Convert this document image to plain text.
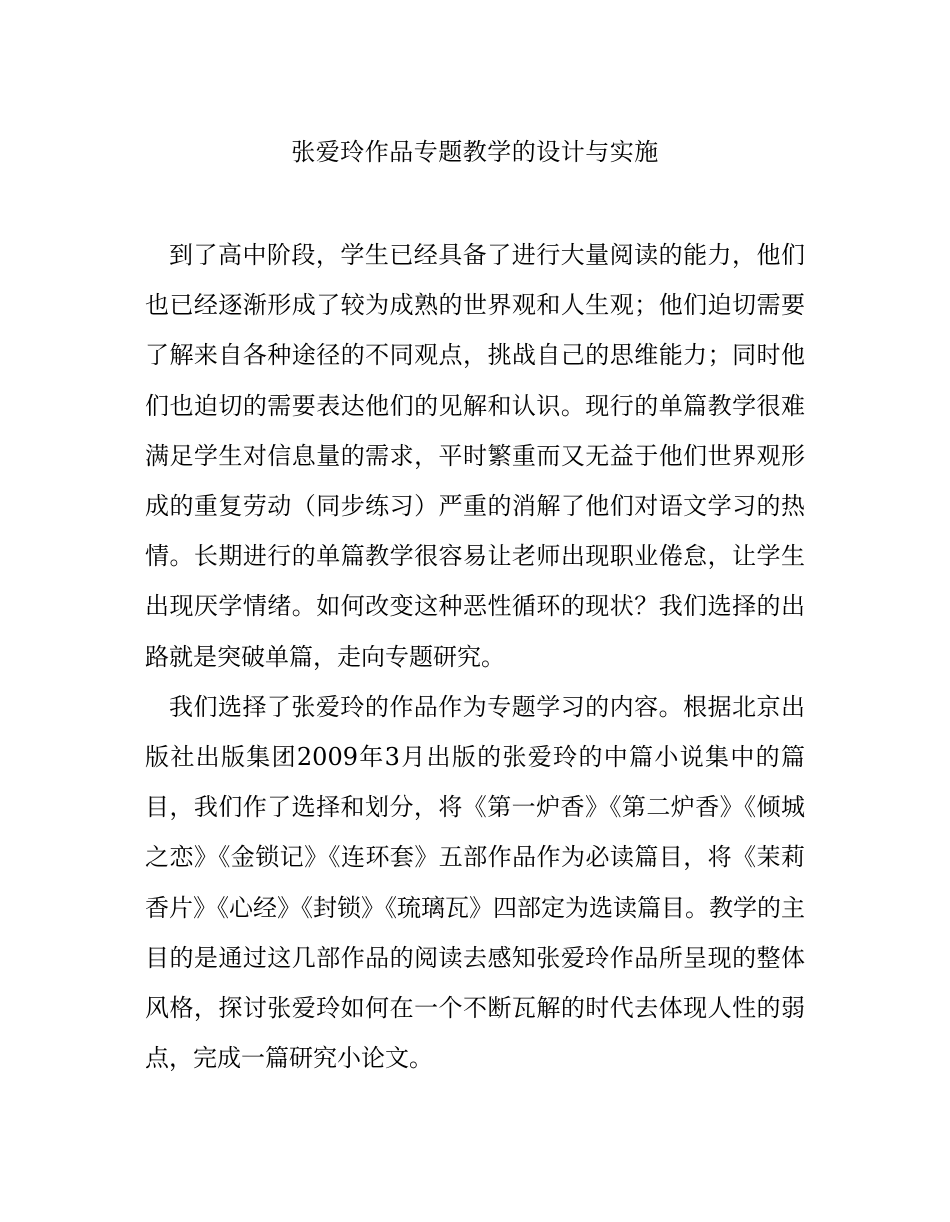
张爱玲作品专题教学的设计与实施

到了高中阶段，学生已经具备了进行大量阅读的能力，他们也已经逐渐形成了较为成熟的世界观和人生观；他们迫切需要了解来自各种途径的不同观点，挑战自己的思维能力；同时他们也迫切的需要表达他们的见解和认识。现行的单篇教学很难满足学生对信息量的需求，平时繁重而又无益于他们世界观形成的重复劳动（同步练习）严重的消解了他们对语文学习的热情。长期进行的单篇教学很容易让老师出现职业倦怠，让学生出现厌学情绪。如何改变这种恶性循环的现状？我们选择的出路就是突破单篇，走向专题研究。

我们选择了张爱玲的作品作为专题学习的内容。根据北京出版社出版集团2009年3月出版的张爱玲的中篇小说集中的篇目，我们作了选择和划分，将《第一炉香》《第二炉香》《倾城之恋》《金锁记》《连环套》五部作品作为必读篇目，将《茉莉香片》《心经》《封锁》《琉璃瓦》四部定为选读篇目。教学的主目的是通过这几部作品的阅读去感知张爱玲作品所呈现的整体风格，探讨张爱玲如何在一个不断瓦解的时代去体现人性的弱点，完成一篇研究小论文。
